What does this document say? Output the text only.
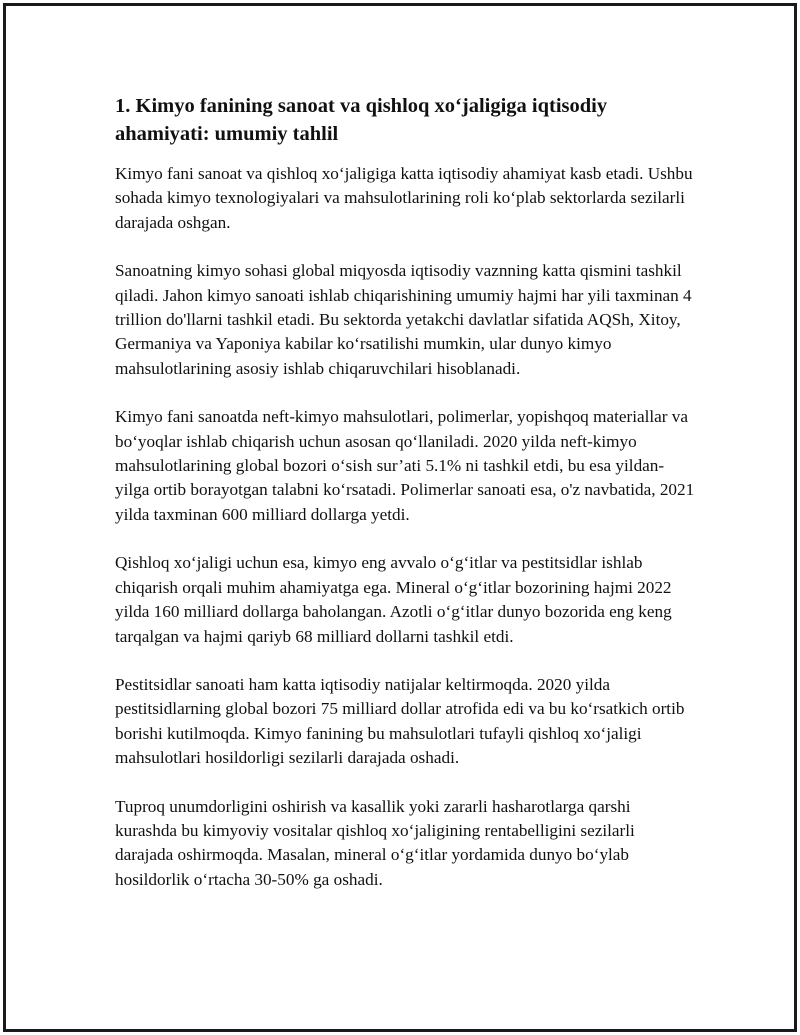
1. Kimyo fanining sanoat va qishloq xo‘jaligiga iqtisodiy ahamiyati: umumiy tahlil

Kimyo fani sanoat va qishloq xo‘jaligiga katta iqtisodiy ahamiyat kasb etadi. Ushbu sohada kimyo texnologiyalari va mahsulotlarining roli ko‘plab sektorlarda sezilarli darajada oshgan.

Sanoatning kimyo sohasi global miqyosda iqtisodiy vaznning katta qismini tashkil qiladi. Jahon kimyo sanoati ishlab chiqarishining umumiy hajmi har yili taxminan 4 trillion do'llarni tashkil etadi. Bu sektorda yetakchi davlatlar sifatida AQSh, Xitoy, Germaniya va Yaponiya kabilar ko‘rsatilishi mumkin, ular dunyo kimyo mahsulotlarining asosiy ishlab chiqaruvchilari hisoblanadi.

Kimyo fani sanoatda neft-kimyo mahsulotlari, polimerlar, yopishqoq materiallar va bo‘yoqlar ishlab chiqarish uchun asosan qo‘llaniladi. 2020 yilda neft-kimyo mahsulotlarining global bozori o‘sish sur’ati 5.1% ni tashkil etdi, bu esa yildan-yilga ortib borayotgan talabni ko‘rsatadi. Polimerlar sanoati esa, o'z navbatida, 2021 yilda taxminan 600 milliard dollarga yetdi.

Qishloq xo‘jaligi uchun esa, kimyo eng avvalo o‘g‘itlar va pestitsidlar ishlab chiqarish orqali muhim ahamiyatga ega. Mineral o‘g‘itlar bozorining hajmi 2022 yilda 160 milliard dollarga baholangan. Azotli o‘g‘itlar dunyo bozorida eng keng tarqalgan va hajmi qariyb 68 milliard dollarni tashkil etdi.

Pestitsidlar sanoati ham katta iqtisodiy natijalar keltirmoqda. 2020 yilda pestitsidlarning global bozori 75 milliard dollar atrofida edi va bu ko‘rsatkich ortib borishi kutilmoqda. Kimyo fanining bu mahsulotlari tufayli qishloq xo‘jaligi mahsulotlari hosildorligi sezilarli darajada oshadi.

Tuproq unumdorligini oshirish va kasallik yoki zararli hasharotlarga qarshi kurashda bu kimyoviy vositalar qishloq xo‘jaligining rentabelligini sezilarli darajada oshirmoqda. Masalan, mineral o‘g‘itlar yordamida dunyo bo‘ylab hosildorlik o‘rtacha 30-50% ga oshadi.
